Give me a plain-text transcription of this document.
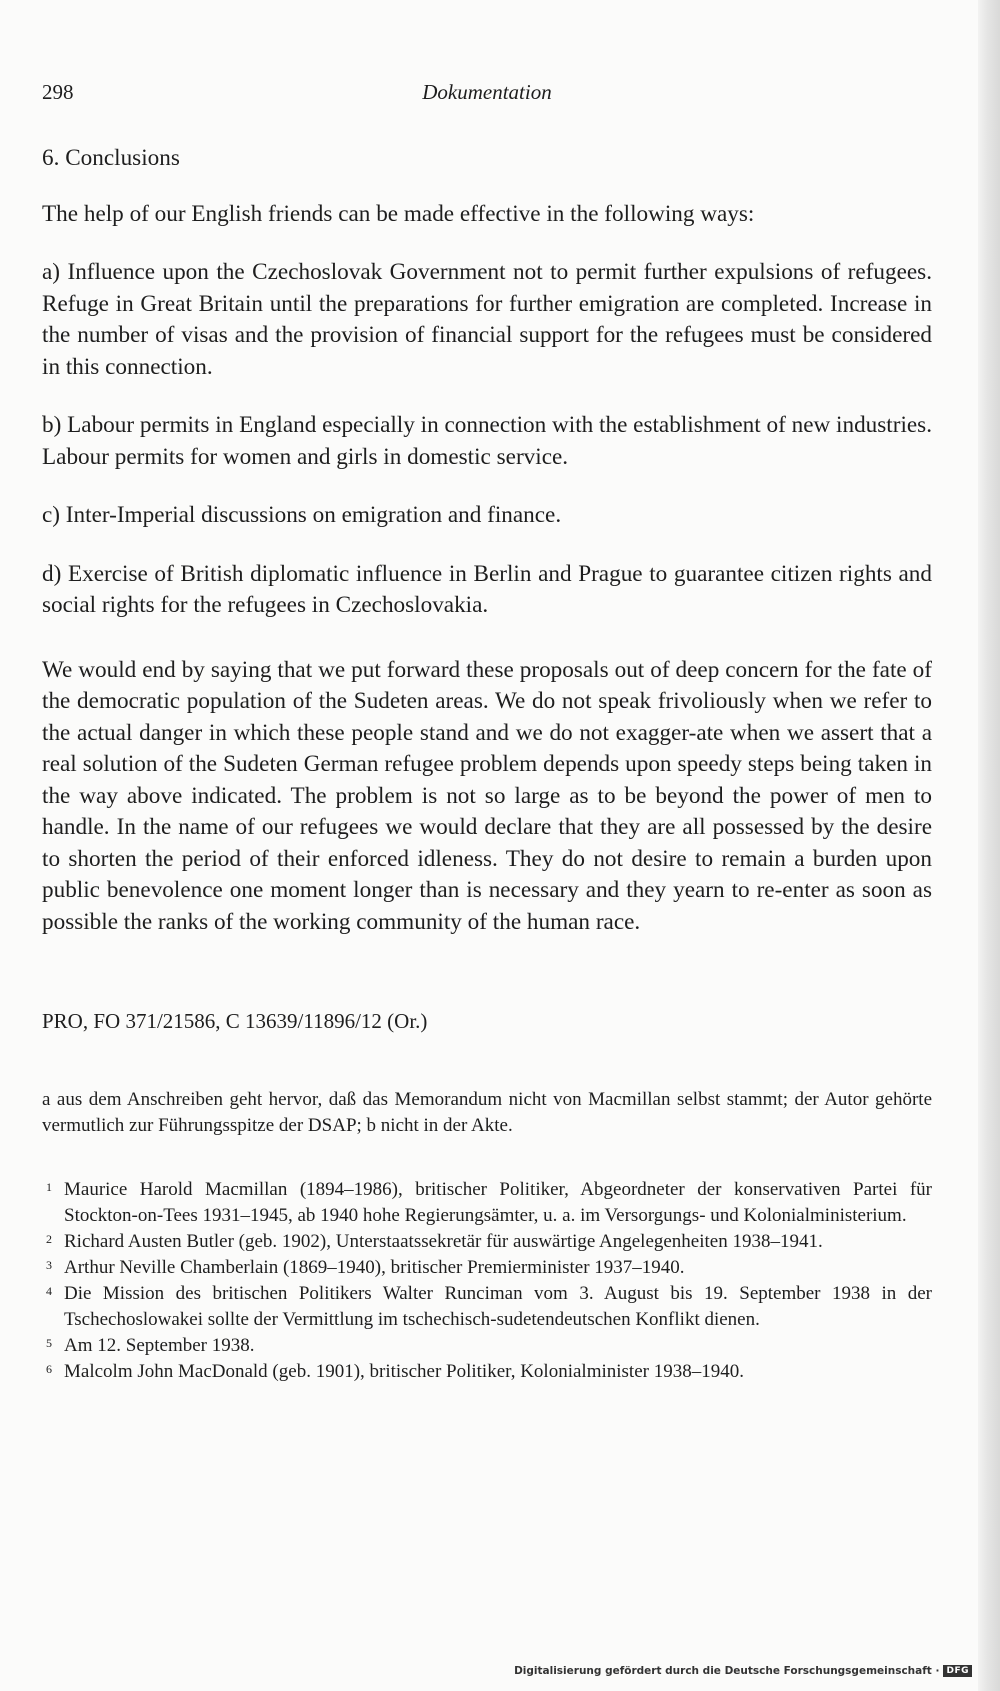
298	Dokumentation

6. Conclusions

The help of our English friends can be made effective in the following ways:

a) Influence upon the Czechoslovak Government not to permit further expulsions of refugees. Refuge in Great Britain until the preparations for further emigration are completed. Increase in the number of visas and the provision of financial support for the refugees must be considered in this connection.

b) Labour permits in England especially in connection with the establishment of new industries. Labour permits for women and girls in domestic service.

c) Inter-Imperial discussions on emigration and finance.

d) Exercise of British diplomatic influence in Berlin and Prague to guarantee citizen rights and social rights for the refugees in Czechoslovakia.

We would end by saying that we put forward these proposals out of deep concern for the fate of the democratic population of the Sudeten areas. We do not speak frivoliously when we refer to the actual danger in which these people stand and we do not exagger-ate when we assert that a real solution of the Sudeten German refugee problem depends upon speedy steps being taken in the way above indicated. The problem is not so large as to be beyond the power of men to handle. In the name of our refugees we would declare that they are all possessed by the desire to shorten the period of their enforced idleness. They do not desire to remain a burden upon public benevolence one moment longer than is necessary and they yearn to re-enter as soon as possible the ranks of the working community of the human race.

PRO, FO 371/21586, C 13639/11896/12 (Or.)
a aus dem Anschreiben geht hervor, daß das Memorandum nicht von Macmillan selbst stammt; der Autor gehörte vermutlich zur Führungsspitze der DSAP; b nicht in der Akte.
1 Maurice Harold Macmillan (1894–1986), britischer Politiker, Abgeordneter der konservativen Partei für Stockton-on-Tees 1931–1945, ab 1940 hohe Regierungsämter, u. a. im Versorgungs- und Kolonialministerium.
2 Richard Austen Butler (geb. 1902), Unterstaatssekretär für auswärtige Angelegenheiten 1938–1941.
3 Arthur Neville Chamberlain (1869–1940), britischer Premierminister 1937–1940.
4 Die Mission des britischen Politikers Walter Runciman vom 3. August bis 19. September 1938 in der Tschechoslowakei sollte der Vermittlung im tschechisch-sudetendeutschen Konflikt dienen.
5 Am 12. September 1938.
6 Malcolm John MacDonald (geb. 1901), britischer Politiker, Kolonialminister 1938–1940.
Digitalisierung gefördert durch die Deutsche Forschungsgemeinschaft · DFG
